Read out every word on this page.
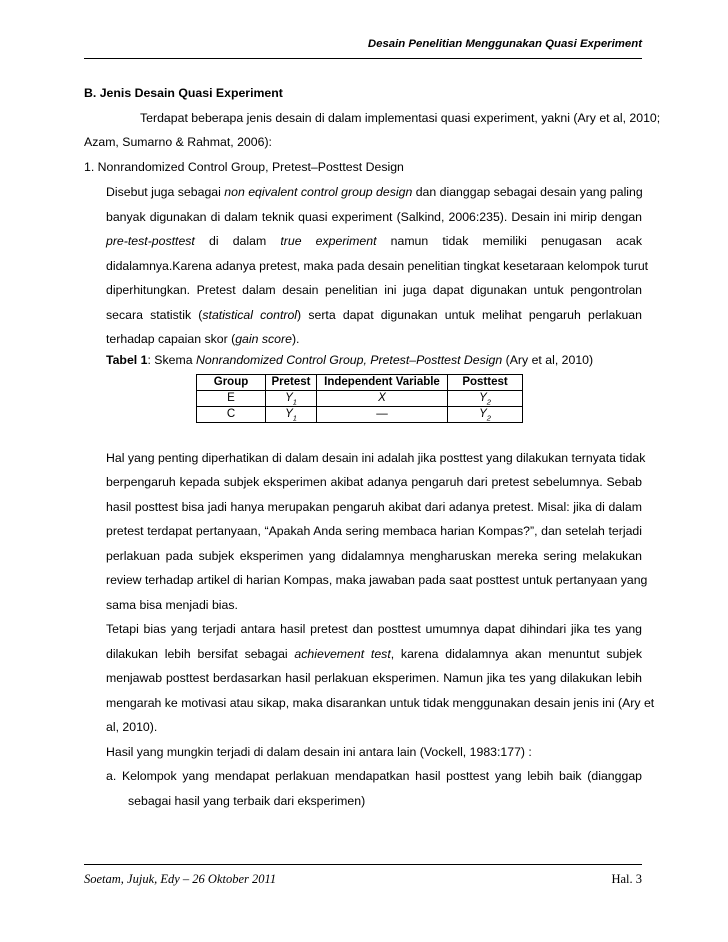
Desain Penelitian Menggunakan Quasi Experiment
B. Jenis Desain Quasi Experiment
Terdapat beberapa jenis desain di dalam implementasi quasi experiment, yakni (Ary et al, 2010;
Azam, Sumarno & Rahmat, 2006):
1. Nonrandomized Control Group, Pretest–Posttest Design
Disebut juga sebagai non eqivalent control group design dan dianggap sebagai desain yang paling
banyak digunakan di dalam teknik quasi experiment (Salkind, 2006:235). Desain ini mirip dengan
pre-test-posttest di dalam true experiment namun tidak memiliki penugasan acak
didalamnya.Karena adanya pretest, maka pada desain penelitian tingkat kesetaraan kelompok turut
diperhitungkan. Pretest dalam desain penelitian ini juga dapat digunakan untuk pengontrolan
secara statistik (statistical control) serta dapat digunakan untuk melihat pengaruh perlakuan
terhadap capaian skor (gain score).
Tabel 1: Skema Nonrandomized Control Group, Pretest–Posttest Design (Ary et al, 2010)
Group	Pretest	Independent Variable	Posttest
E	$Y_1$	X	$Y_2$
C	$Y_1$	—	$Y_2$
Hal yang penting diperhatikan di dalam desain ini adalah jika posttest yang dilakukan ternyata tidak
berpengaruh kepada subjek eksperimen akibat adanya pengaruh dari pretest sebelumnya. Sebab
hasil posttest bisa jadi hanya merupakan pengaruh akibat dari adanya pretest. Misal: jika di dalam
pretest terdapat pertanyaan, “Apakah Anda sering membaca harian Kompas?”, dan setelah terjadi
perlakuan pada subjek eksperimen yang didalamnya mengharuskan mereka sering melakukan
review terhadap artikel di harian Kompas, maka jawaban pada saat posttest untuk pertanyaan yang
sama bisa menjadi bias.
Tetapi bias yang terjadi antara hasil pretest dan posttest umumnya dapat dihindari jika tes yang
dilakukan lebih bersifat sebagai achievement test, karena didalamnya akan menuntut subjek
menjawab posttest berdasarkan hasil perlakuan eksperimen. Namun jika tes yang dilakukan lebih
mengarah ke motivasi atau sikap, maka disarankan untuk tidak menggunakan desain jenis ini (Ary et
al, 2010).
Hasil yang mungkin terjadi di dalam desain ini antara lain (Vockell, 1983:177) :
a. Kelompok yang mendapat perlakuan mendapatkan hasil posttest yang lebih baik (dianggap
sebagai hasil yang terbaik dari eksperimen)
Soetam, Jujuk, Edy – 26 Oktober 2011	Hal. 3
